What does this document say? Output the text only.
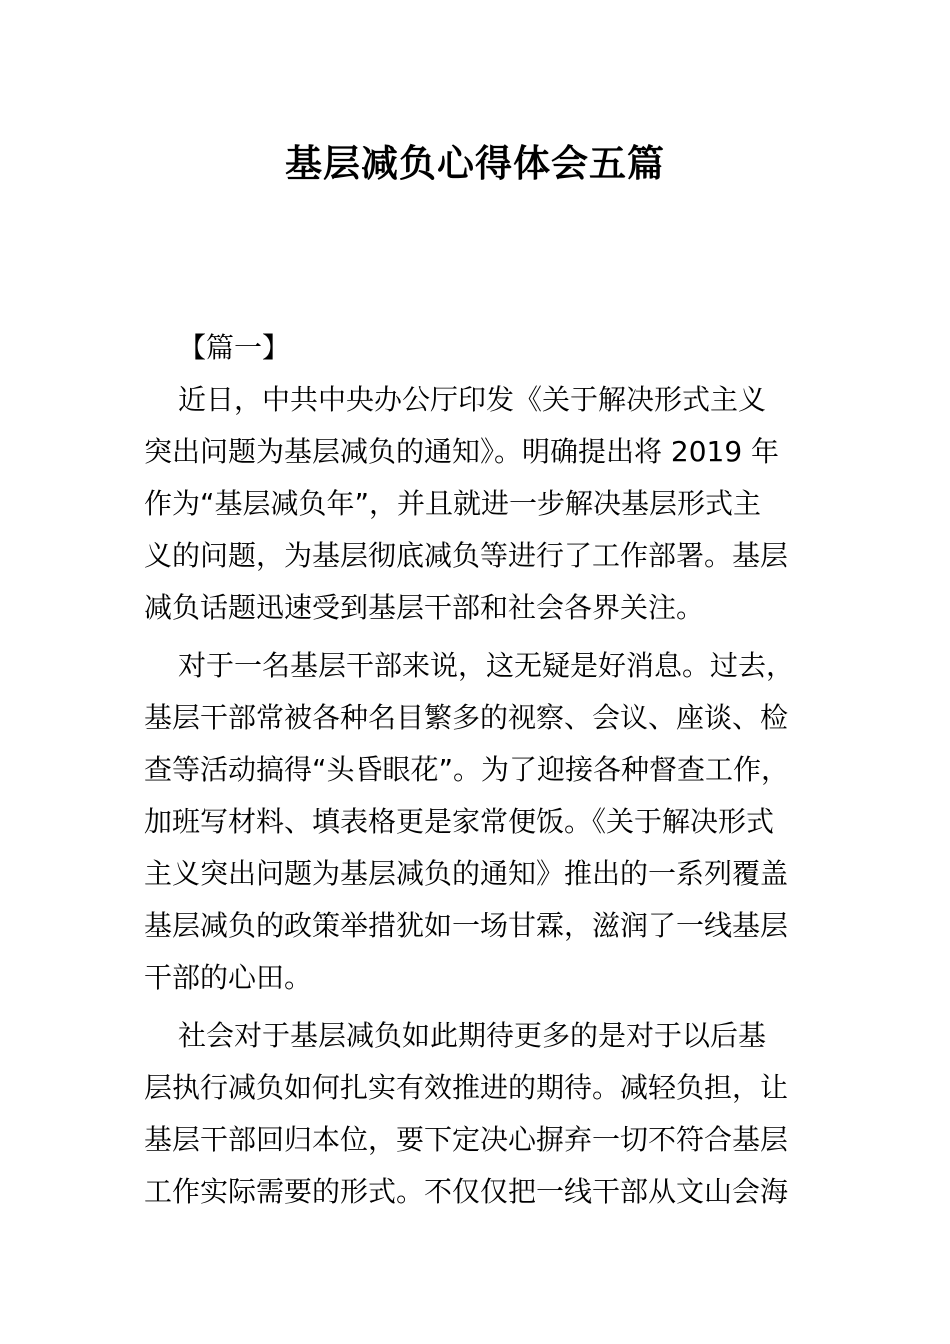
基层减负心得体会五篇

【篇一】

近日，中共中央办公厅印发《关于解决形式主义
突出问题为基层减负的通知》。明确提出将 2019 年
作为“基层减负年”，并且就进一步解决基层形式主
义的问题，为基层彻底减负等进行了工作部署。基层
减负话题迅速受到基层干部和社会各界关注。

对于一名基层干部来说，这无疑是好消息。过去，
基层干部常被各种名目繁多的视察、会议、座谈、检
查等活动搞得“头昏眼花”。为了迎接各种督查工作，
加班写材料、填表格更是家常便饭。《关于解决形式
主义突出问题为基层减负的通知》推出的一系列覆盖
基层减负的政策举措犹如一场甘霖，滋润了一线基层
干部的心田。

社会对于基层减负如此期待更多的是对于以后基
层执行减负如何扎实有效推进的期待。减轻负担，让
基层干部回归本位，要下定决心摒弃一切不符合基层
工作实际需要的形式。不仅仅把一线干部从文山会海
